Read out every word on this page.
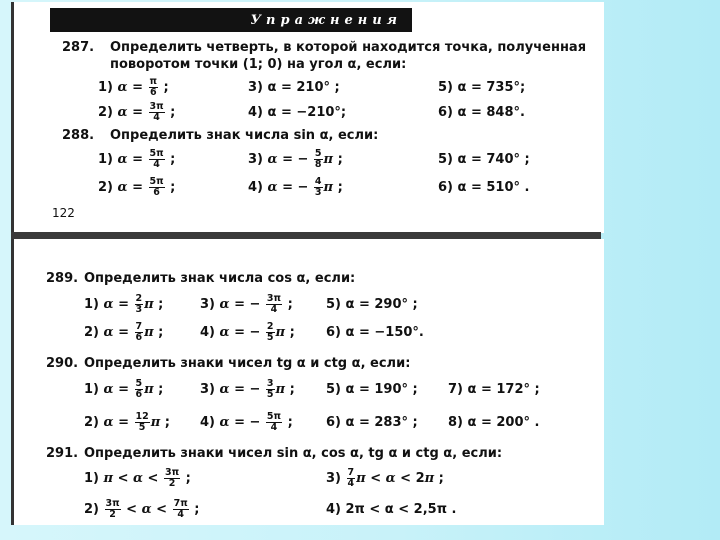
Упражнения
287. Определить четверть, в которой находится точка, полученная
поворотом точки (1; 0) на угол α, если:
1)
$\alpha = \frac{\pi}{6}$ ;	3) α = 210° ;	5) α = 735°;
2)
$\alpha = \frac{3\pi}{4}$ ;	4) α = −210°;	6) α = 848°.
288. Определить знак числа sin α, если:
1)
$\alpha = \frac{5\pi}{4}$ ;	3)
α = − $\frac{5}{8}$ π ;	5) α = 740° ;
2)
$\alpha = \frac{5\pi}{6}$ ;	4)
α = − $\frac{4}{3}$ π ;	6) α = 510° .
122
289. Определить знак числа cos α, если:
1)
$\alpha = \frac{2}{3}$ π ;	3)
α = − $\frac{3\pi}{4}$ ;	5) α = 290° ;
2)
$\alpha = \frac{7}{6}$ π ;	4)
α = − $\frac{2}{5}$ π ; 6) α = −150°.
290. Определить знаки чисел tg α и ctg α, если:
1)
$\alpha = \frac{5}{6}$ π ;	3)
α = − $\frac{3}{5}$ π ; 5) α = 190° ; 7) α = 172° ;
2)
$\alpha = \frac{12}{5}$ π ; 4)
α = − $\frac{5\pi}{4}$ ;	6) α = 283° ; 8) α = 200° .
291. Определить знаки чисел sin α, cos α, tg α и ctg α, если:
1)
$\pi < \alpha < \frac{3\pi}{2}$ ;	3)
$\frac{7}{4}$ π < α < 2 π ;
2)
$\frac{3\pi}{2} < \alpha < \frac{7\pi}{4}$ ;	4) 2π < α < 2,5π .
